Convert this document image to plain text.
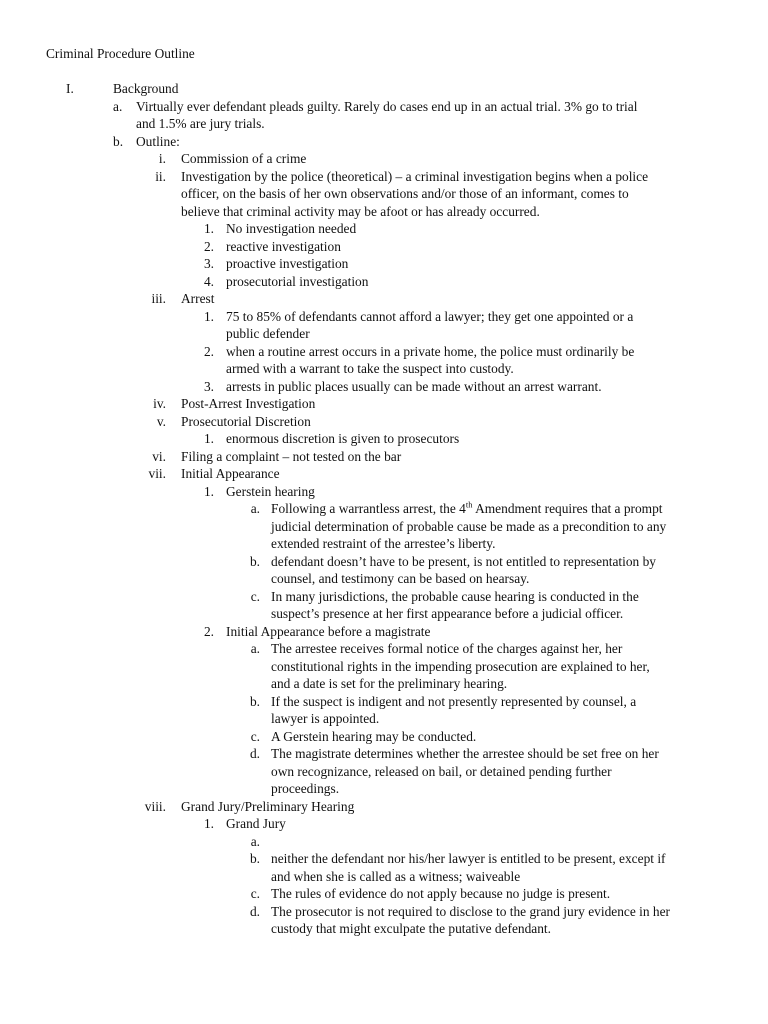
Criminal Procedure Outline
I.	Background
a. Virtually ever defendant pleads guilty. Rarely do cases end up in an actual trial. 3% go to trial
and 1.5% are jury trials.
b. Outline:
i. Commission of a crime
ii. Investigation by the police (theoretical) – a criminal investigation begins when a police
officer, on the basis of her own observations and/or those of an informant, comes to
believe that criminal activity may be afoot or has already occurred.
1. No investigation needed
2. reactive investigation
3. proactive investigation
4. prosecutorial investigation
iii. Arrest
1. 75 to 85% of defendants cannot afford a lawyer; they get one appointed or a
public defender
2. when a routine arrest occurs in a private home, the police must ordinarily be
armed with a warrant to take the suspect into custody.
3. arrests in public places usually can be made without an arrest warrant.
iv. Post-Arrest Investigation
v. Prosecutorial Discretion
1. enormous discretion is given to prosecutors
vi. Filing a complaint – not tested on the bar
vii. Initial Appearance
1. Gerstein hearing
a. Following a warrantless arrest, the 4th Amendment requires that a prompt
judicial determination of probable cause be made as a precondition to any
extended restraint of the arrestee’s liberty.
b. defendant doesn’t have to be present, is not entitled to representation by
counsel, and testimony can be based on hearsay.
c. In many jurisdictions, the probable cause hearing is conducted in the
suspect’s presence at her first appearance before a judicial officer.
2. Initial Appearance before a magistrate
a. The arrestee receives formal notice of the charges against her, her
constitutional rights in the impending prosecution are explained to her,
and a date is set for the preliminary hearing.
b. If the suspect is indigent and not presently represented by counsel, a
lawyer is appointed.
c. A Gerstein hearing may be conducted.
d. The magistrate determines whether the arrestee should be set free on her
own recognizance, released on bail, or detained pending further
proceedings.
viii. Grand Jury/Preliminary Hearing
1. Grand Jury
a.

b. neither the defendant nor his/her lawyer is entitled to be present, except if
and when she is called as a witness; waiveable
c. The rules of evidence do not apply because no judge is present.
d. The prosecutor is not required to disclose to the grand jury evidence in her
custody that might exculpate the putative defendant.
